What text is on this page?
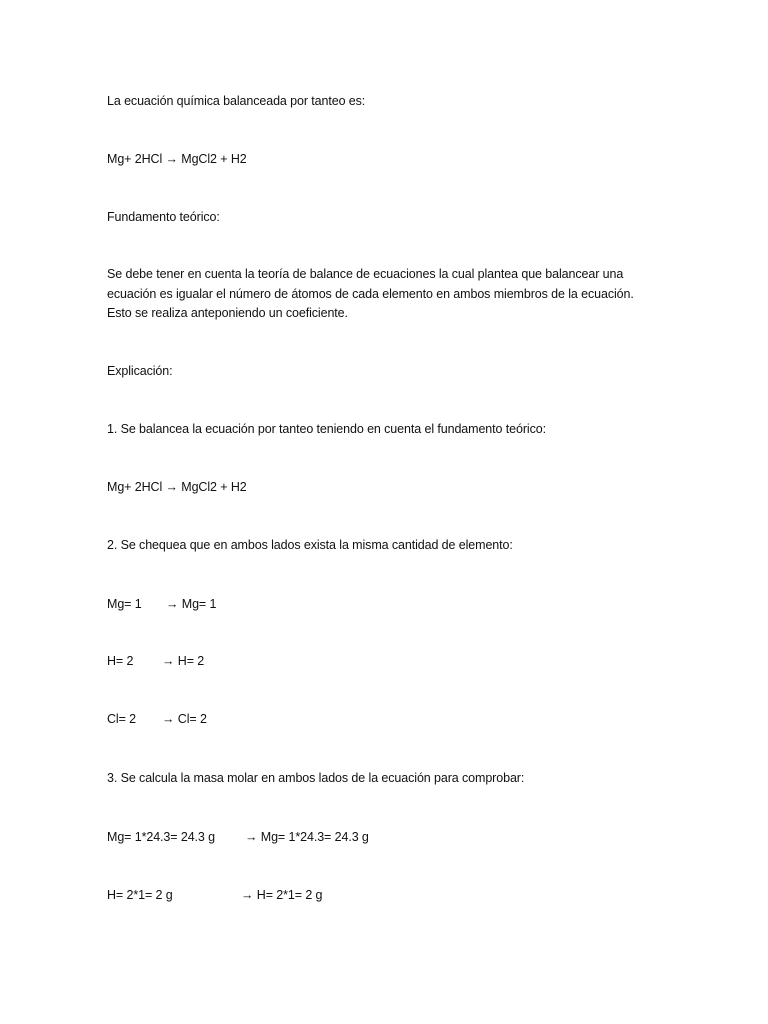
La ecuación química balanceada por tanteo es:
Mg+ 2HCl → MgCl2 + H2
Fundamento teórico:
Se debe tener en cuenta la teoría de balance de ecuaciones la cual plantea que balancear una
ecuación es igualar el número de átomos de cada elemento en ambos miembros de la ecuación.
Esto se realiza anteponiendo un coeficiente.
Explicación:
1. Se balancea la ecuación por tanteo teniendo en cuenta el fundamento teórico:
Mg+ 2HCl → MgCl2 + H2
2. Se chequea que en ambos lados exista la misma cantidad de elemento:
Mg= 1 → Mg= 1
H= 2 → H= 2
Cl= 2 → Cl= 2
3. Se calcula la masa molar en ambos lados de la ecuación para comprobar:
Mg= 1*24.3= 24.3 g → Mg= 1*24.3= 24.3 g
H= 2*1= 2 g	→ H= 2*1= 2 g
